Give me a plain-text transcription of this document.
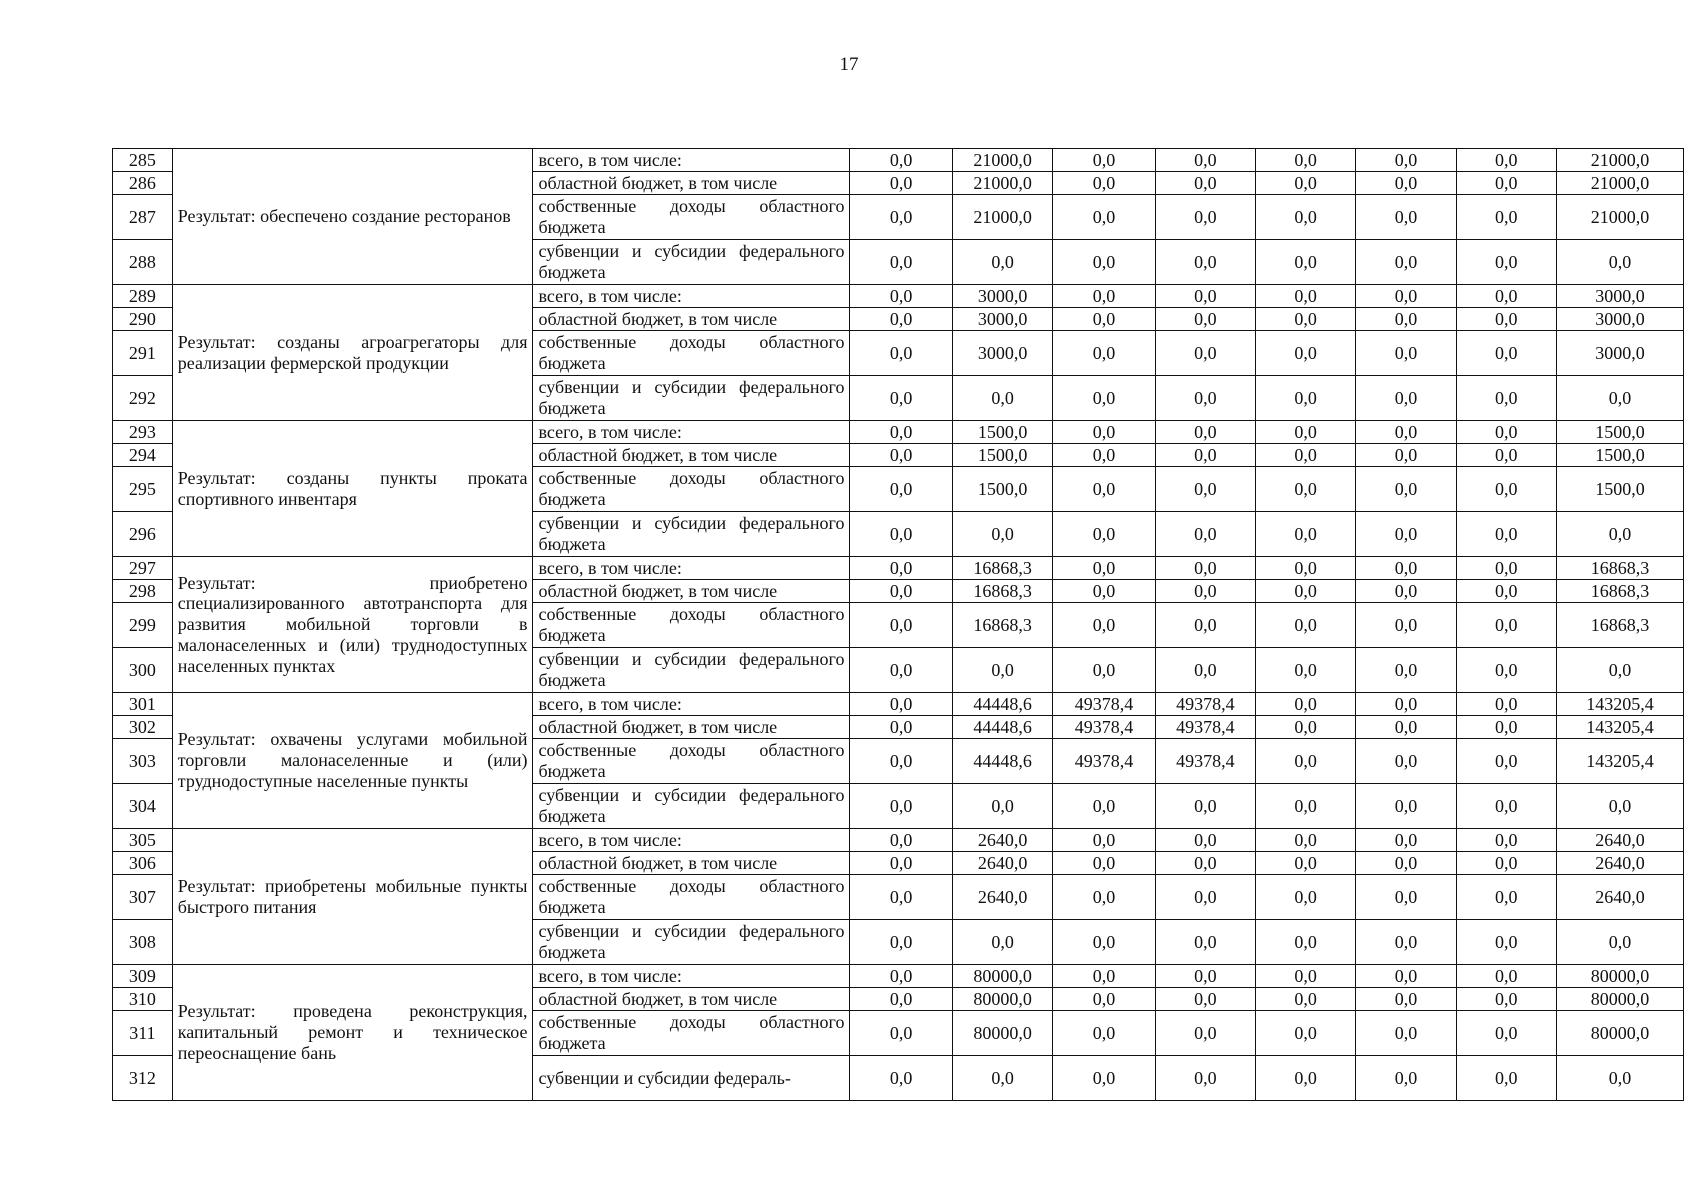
17
285	Результат: обеспечено создание ресторанов	всего, в том числе:	0,0	21000,0	0,0	0,0	0,0	0,0	0,0	21000,0
286		областной бюджет, в том числе	0,0	21000,0	0,0	0,0	0,0	0,0	0,0	21000,0
287		собственные доходы областного бюджета	0,0	21000,0	0,0	0,0	0,0	0,0	0,0	21000,0
288		субвенции и субсидии федерального бюджета	0,0	0,0	0,0	0,0	0,0	0,0	0,0	0,0
289	Результат: созданы агроагрегаторы для реализации фермерской продукции	всего, в том числе:	0,0	3000,0	0,0	0,0	0,0	0,0	0,0	3000,0
290		областной бюджет, в том числе	0,0	3000,0	0,0	0,0	0,0	0,0	0,0	3000,0
291		собственные доходы областного бюджета	0,0	3000,0	0,0	0,0	0,0	0,0	0,0	3000,0
292		субвенции и субсидии федерального бюджета	0,0	0,0	0,0	0,0	0,0	0,0	0,0	0,0
293	Результат: созданы пункты проката спортивного инвентаря	всего, в том числе:	0,0	1500,0	0,0	0,0	0,0	0,0	0,0	1500,0
294		областной бюджет, в том числе	0,0	1500,0	0,0	0,0	0,0	0,0	0,0	1500,0
295		собственные доходы областного бюджета	0,0	1500,0	0,0	0,0	0,0	0,0	0,0	1500,0
296		субвенции и субсидии федерального бюджета	0,0	0,0	0,0	0,0	0,0	0,0	0,0	0,0
297	Результат: приобретено специализированного автотранспорта для развития мобильной торговли в малонаселенных и (или) труднодоступных населенных пунктах	всего, в том числе:	0,0	16868,3	0,0	0,0	0,0	0,0	0,0	16868,3
298		областной бюджет, в том числе	0,0	16868,3	0,0	0,0	0,0	0,0	0,0	16868,3
299		собственные доходы областного бюджета	0,0	16868,3	0,0	0,0	0,0	0,0	0,0	16868,3
300		субвенции и субсидии федерального бюджета	0,0	0,0	0,0	0,0	0,0	0,0	0,0	0,0
301	Результат: охвачены услугами мобильной торговли малонаселенные и (или) труднодоступные населенные пункты	всего, в том числе:	0,0	44448,6	49378,4	49378,4	0,0	0,0	0,0	143205,4
302		областной бюджет, в том числе	0,0	44448,6	49378,4	49378,4	0,0	0,0	0,0	143205,4
303		собственные доходы областного бюджета	0,0	44448,6	49378,4	49378,4	0,0	0,0	0,0	143205,4
304		субвенции и субсидии федерального бюджета	0,0	0,0	0,0	0,0	0,0	0,0	0,0	0,0
305	Результат: приобретены мобильные пункты быстрого питания	всего, в том числе:	0,0	2640,0	0,0	0,0	0,0	0,0	0,0	2640,0
306		областной бюджет, в том числе	0,0	2640,0	0,0	0,0	0,0	0,0	0,0	2640,0
307		собственные доходы областного бюджета	0,0	2640,0	0,0	0,0	0,0	0,0	0,0	2640,0
308		субвенции и субсидии федерального бюджета	0,0	0,0	0,0	0,0	0,0	0,0	0,0	0,0
309	Результат: проведена реконструкция, капитальный ремонт и техническое переоснащение бань	всего, в том числе:	0,0	80000,0	0,0	0,0	0,0	0,0	0,0	80000,0
310		областной бюджет, в том числе	0,0	80000,0	0,0	0,0	0,0	0,0	0,0	80000,0
311		собственные доходы областного бюджета	0,0	80000,0	0,0	0,0	0,0	0,0	0,0	80000,0
312		субвенции и субсидии федераль-	0,0	0,0	0,0	0,0	0,0	0,0	0,0	0,0
